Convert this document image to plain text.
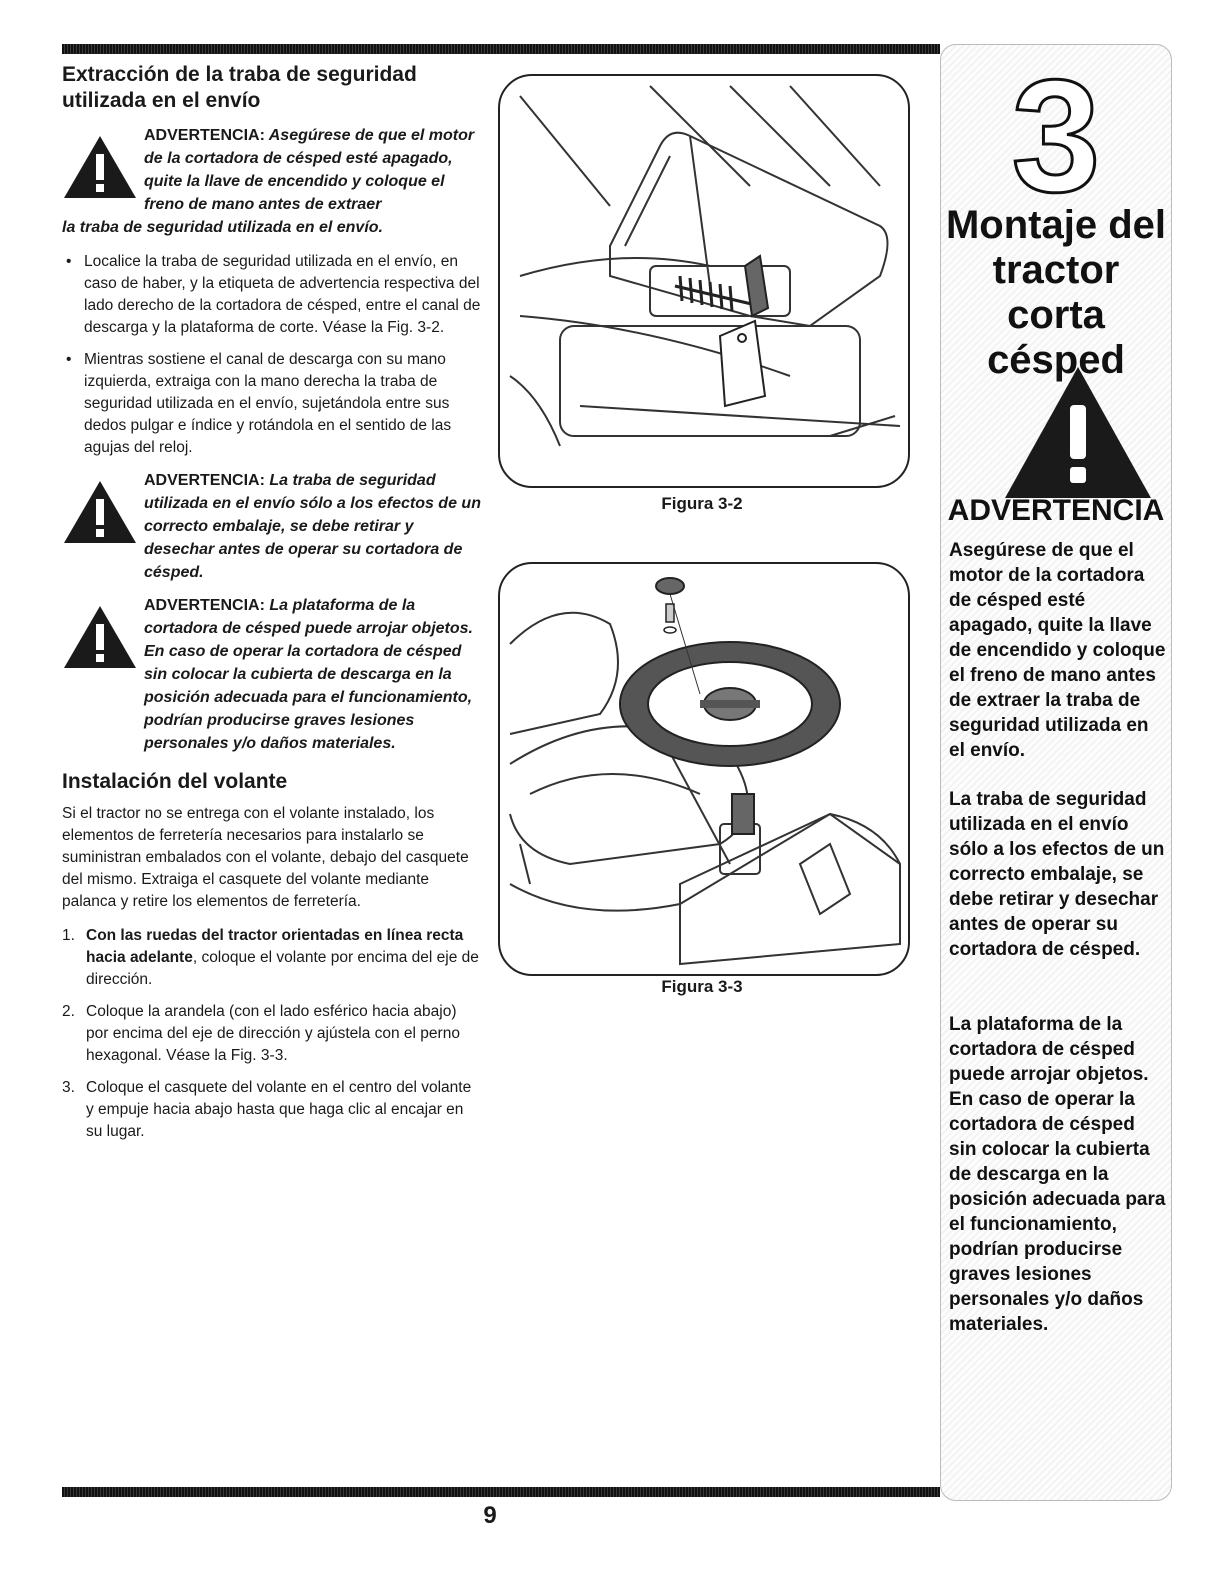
Extracción de la traba de seguridad
utilizada en el envío
ADVERTENCIA: Asegúrese de que el motor de la cortadora de césped esté apagado, quite la llave de encendido y coloque el freno de mano antes de extraer
la traba de seguridad utilizada en el envío.
• Localice la traba de seguridad utilizada en el envío, en caso de haber, y la etiqueta de advertencia respectiva del lado derecho de la cortadora de césped, entre el canal de descarga y la plataforma de corte. Véase la Fig. 3-2.
• Mientras sostiene el canal de descarga con su mano izquierda, extraiga con la mano derecha la traba de seguridad utilizada en el envío, sujetándola entre sus dedos pulgar e índice y rotándola en el sentido de las agujas del reloj.
ADVERTENCIA: La traba de seguridad utilizada en el envío sólo a los efectos de un correcto embalaje, se debe retirar y desechar antes de operar su cortadora de césped.
ADVERTENCIA: La plataforma de la cortadora de césped puede arrojar objetos. En caso de operar la cortadora de césped sin colocar la cubierta de descarga en la posición adecuada para el funcionamiento, podrían producirse graves lesiones personales y/o daños materiales.
Instalación del volante

Si el tractor no se entrega con el volante instalado, los elementos de ferretería necesarios para instalarlo se suministran embalados con el volante, debajo del casquete del mismo. Extraiga el casquete del volante mediante palanca y retire los elementos de ferretería.

1. Con las ruedas del tractor orientadas en línea recta hacia adelante, coloque el volante por encima del eje de dirección.
2. Coloque la arandela (con el lado esférico hacia abajo) por encima del eje de dirección y ajústela con el perno hexagonal. Véase la Fig. 3-3.
3. Coloque el casquete del volante en el centro del volante y empuje hacia abajo hasta que haga clic al encajar en su lugar.
Figura 3-2
Figura 3-3
3
Montaje del tractor corta césped
ADVERTENCIA
Asegúrese de que el motor de la cortadora de césped esté apagado, quite la llave de encendido y coloque el freno de mano antes de extraer la traba de seguridad utilizada en el envío.
La traba de seguridad utilizada en el envío sólo a los efectos de un correcto embalaje, se debe retirar y desechar antes de operar su cortadora de césped.
La plataforma de la cortadora de césped puede arrojar objetos. En caso de operar la cortadora de césped sin colocar la cubierta de descarga en la posición adecuada para el funcionamiento, podrían producirse graves lesiones personales y/o daños materiales.
9
